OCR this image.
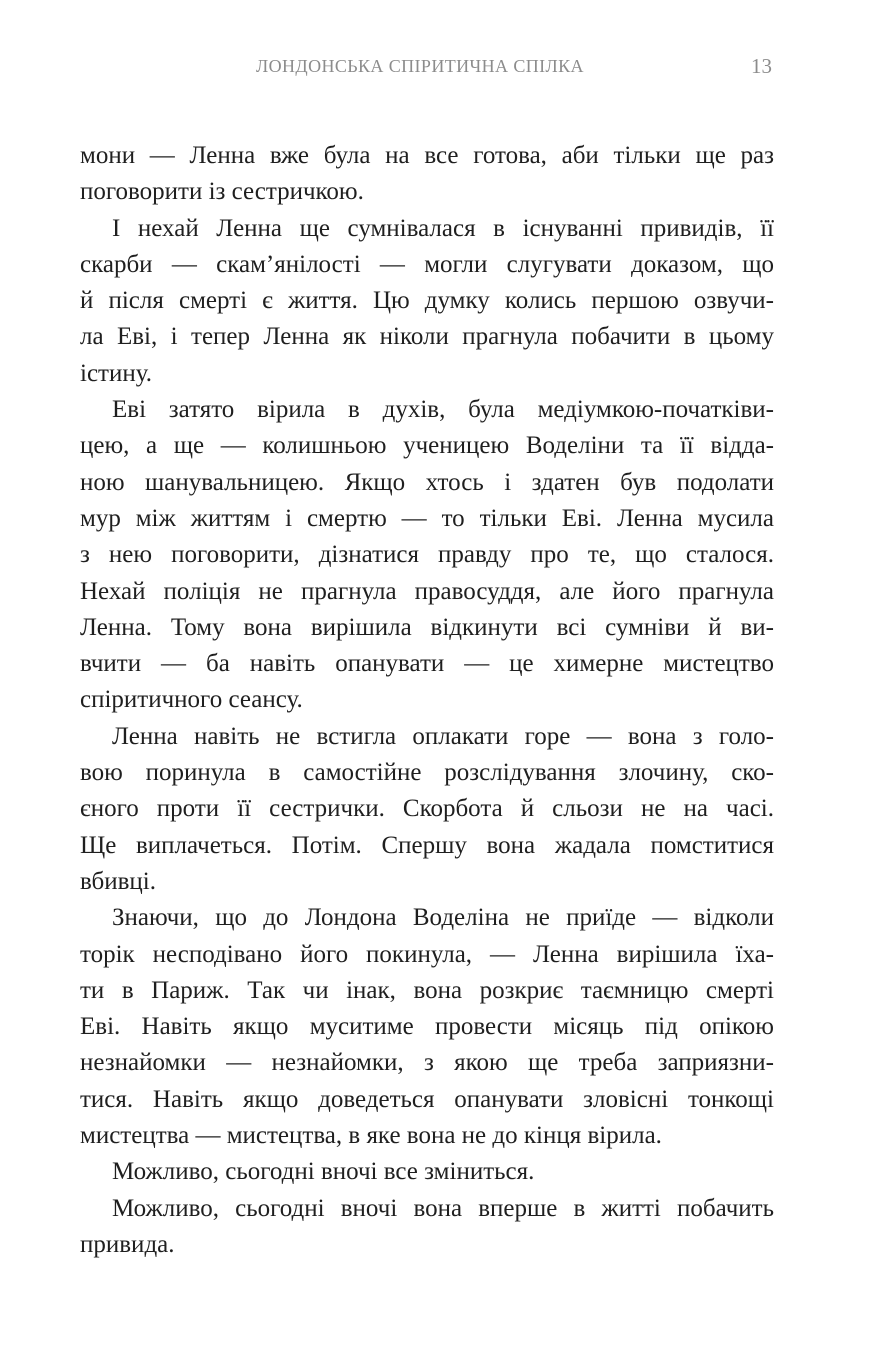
ЛОНДОНСЬКА СПІРИТИЧНА СПІЛКА	13
мони — Ленна вже була на все готова, аби тільки ще раз
поговорити із сестричкою.
І нехай Ленна ще сумнівалася в існуванні привидів, її
скарби — скам’янілості — могли слугувати доказом, що
й після смерті є життя. Цю думку колись першою озвучи-
ла Еві, і тепер Ленна як ніколи прагнула побачити в цьому
істину.
Еві затято вірила в духів, була медіумкою-початківи-
цею, а ще — колишньою ученицею Воделіни та її відда-
ною шанувальницею. Якщо хтось і здатен був подолати
мур між життям і смертю — то тільки Еві. Ленна мусила
з нею поговорити, дізнатися правду про те, що сталося.
Нехай поліція не прагнула правосуддя, але його прагнула
Ленна. Тому вона вирішила відкинути всі сумніви й ви-
вчити — ба навіть опанувати — це химерне мистецтво
спіритичного сеансу.
Ленна навіть не встигла оплакати горе — вона з голо-
вою поринула в самостійне розслідування злочину, ско-
єного проти її сестрички. Скорбота й сльози не на часі.
Ще виплачеться. Потім. Спершу вона жадала помститися
вбивці.
Знаючи, що до Лондона Воделіна не приїде — відколи
торік несподівано його покинула, — Ленна вирішила їха-
ти в Париж. Так чи інак, вона розкриє таємницю смерті
Еві. Навіть якщо муситиме провести місяць під опікою
незнайомки — незнайомки, з якою ще треба заприязни-
тися. Навіть якщо доведеться опанувати зловісні тонкощі
мистецтва — мистецтва, в яке вона не до кінця вірила.
Можливо, сьогодні вночі все зміниться.
Можливо, сьогодні вночі вона вперше в житті побачить
привида.
